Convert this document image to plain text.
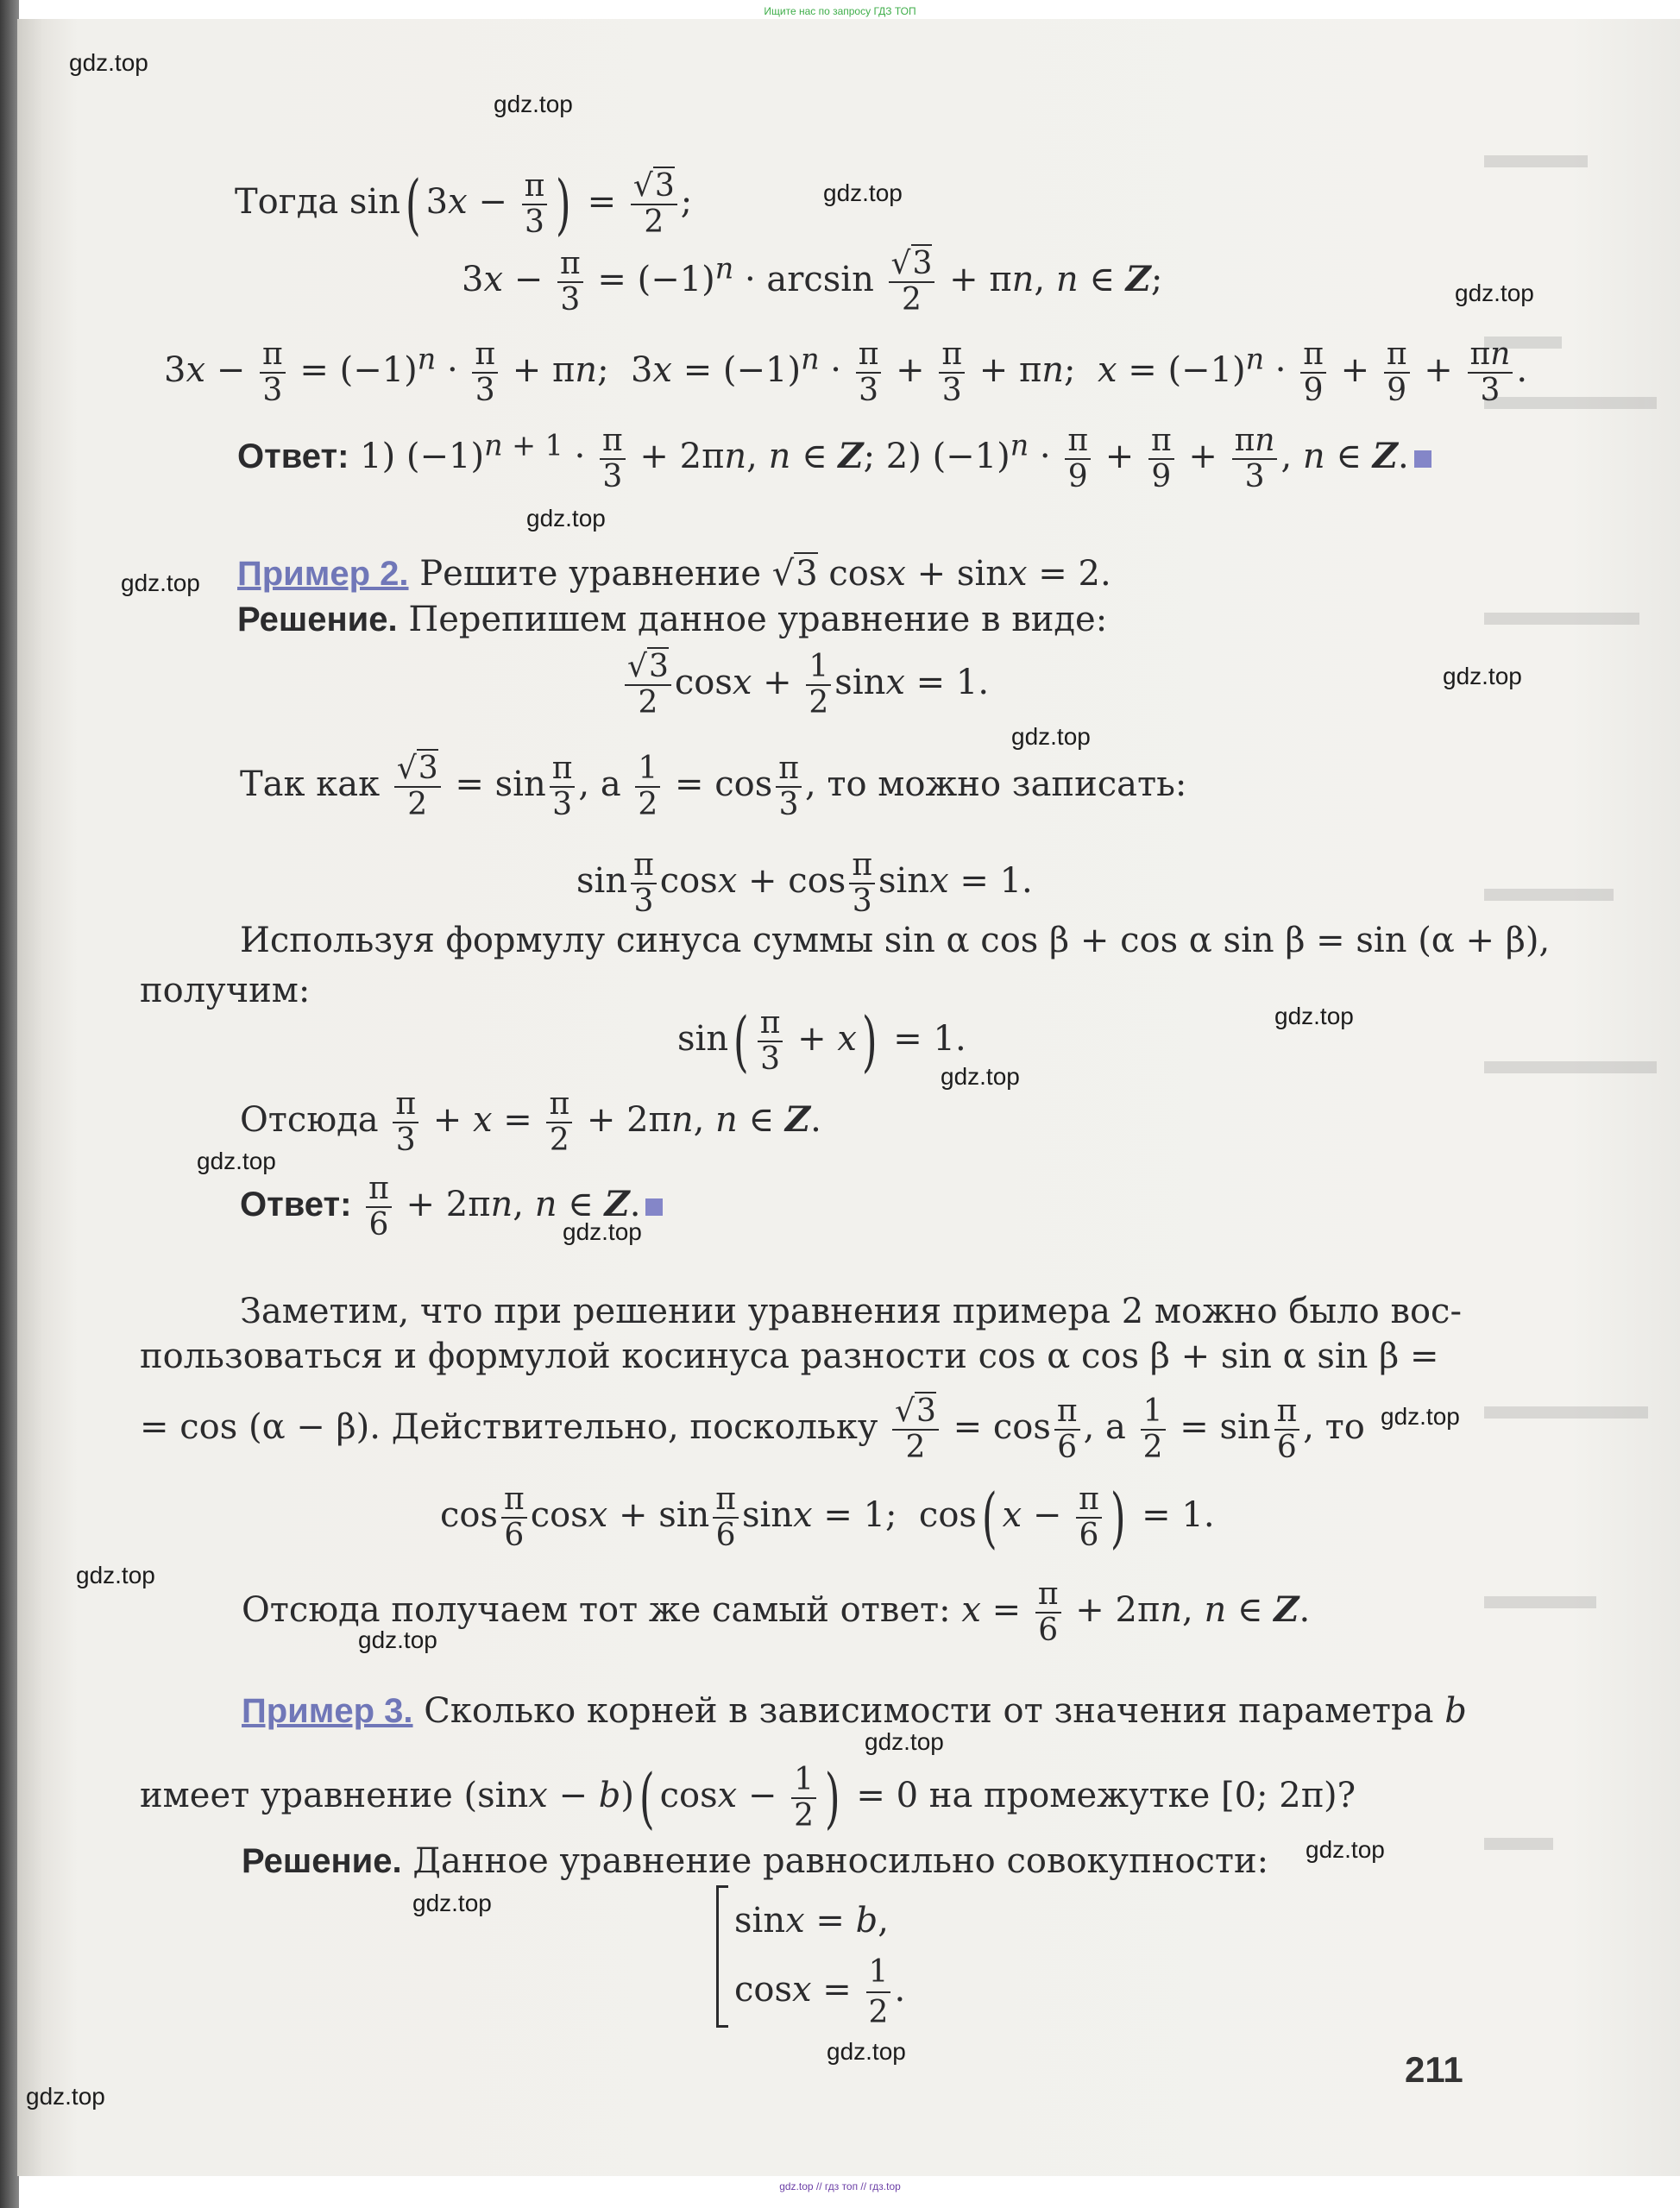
Ищите нас по запросу ГДЗ ТОП
Тогда sin( $3x - \frac{\pi}{3}$ ) = $\frac{√3}{2}$ ;
$3x - \frac{\pi}{3} = (-1)^n \cdot \arcsin \frac{√3}{2} + \pi n$, n ∈ Z;
$3x - \frac{\pi}{3} = (-1)^n \cdot \frac{\pi}{3} + \pi n$;  $3x = (-1)^n \cdot \frac{\pi}{3} + \frac{\pi}{3} + \pi n$;  $x = (-1)^n \cdot \frac{\pi}{9} + \frac{\pi}{9} + \frac{\pi n}{3}$ .
Ответ: 1) $(-1)^{n + 1} \cdot \frac{\pi}{3} + 2\pi n$, n ∈ Z; 2) $(-1)^n \cdot \frac{\pi}{9} + \frac{\pi}{9} + \frac{\pi n}{3}$ , n ∈ Z.
Пример 2. Решите уравнение √3 cosx + sinx = 2.
Решение. Перепишем данное уравнение в виде:
$\frac{√3}{2}$ $\cos x + \frac{1}{2}$ sinx = 1.
Так как $\frac{√3}{2} = \sin \frac{\pi}{3}$ , а $\frac{1}{2} = \cos \frac{\pi}{3}$ , то можно записать:
$\sin \frac{\pi}{3}$ $\cos x + \cos \frac{\pi}{3}$ sinx = 1.
Используя формулу синуса суммы sin α cos β + cos α sin β = sin (α + β),
получим:
$\sin( \frac{\pi}{3} + x) = 1$.
Отсюда $\frac{\pi}{3} + x = \frac{\pi}{2} + 2\pi n$, n ∈ Z.
Ответ: $\frac{\pi}{6} + 2\pi n$, n ∈ Z.
Заметим, что при решении уравнения примера 2 можно было вос-
пользоваться и формулой косинуса разности cos α cos β + sin α sin β =
= cos (α − β). Действительно, поскольку $\frac{√3}{2} = \cos \frac{\pi}{6}$ , а $\frac{1}{2} = \sin \frac{\pi}{6}$ , то
$\cos \frac{\pi}{6}$ $\cos x + \sin \frac{\pi}{6}$ sinx = 1;  cos( $x - \frac{\pi}{6}$ ) = 1.
Отсюда получаем тот же самый ответ: $x = \frac{\pi}{6} + 2\pi n$, n ∈ Z.
Пример 3. Сколько корней в зависимости от значения параметра b
имеет уравнение (sinx − b)( $\cos x - \frac{1}{2}$ ) = 0 на промежутке [0; 2π)?
Решение. Данное уравнение равносильно совокупности:
sinx = b,
$\cos x = \frac{1}{2}$ .
211
gdz.top
gdz.top
gdz.top
gdz.top
gdz.top
gdz.top
gdz.top
gdz.top
gdz.top
gdz.top
gdz.top
gdz.top
gdz.top
gdz.top
gdz.top
gdz.top
gdz.top
gdz.top
gdz.top
gdz.top
gdz.top // гдз топ // гдз.top
